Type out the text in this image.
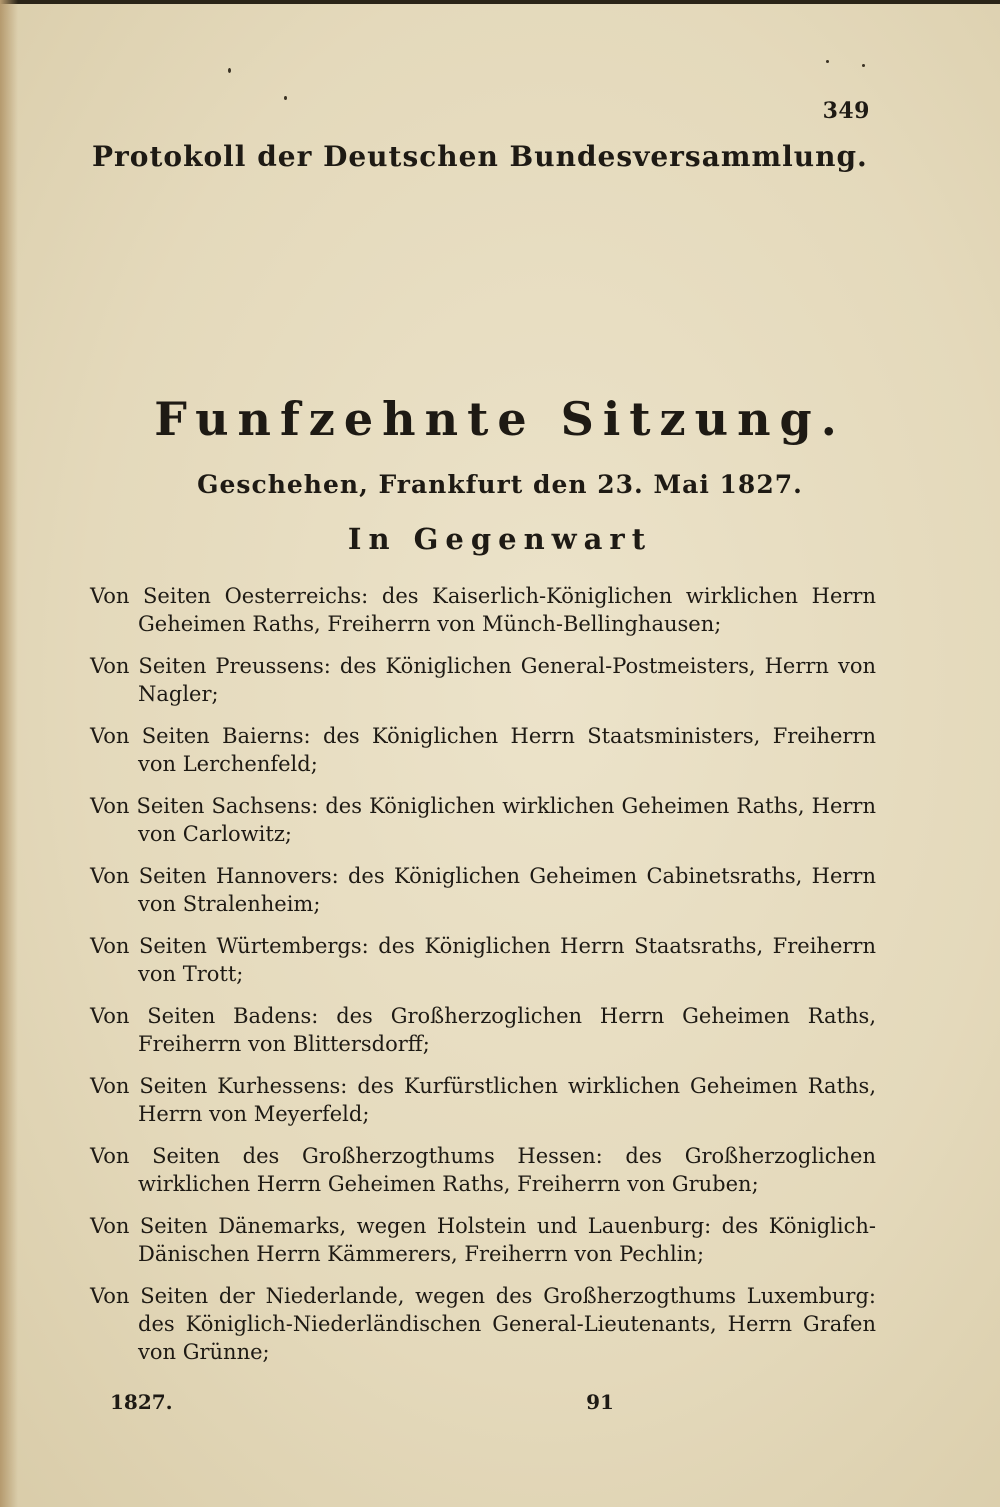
349
Protokoll der Deutschen Bundesversammlung.
Funfzehnte Sitzung.
Geschehen, Frankfurt den 23. Mai 1827.
In Gegenwart
Von Seiten Oesterreichs: des Kaiserlich-Königlichen wirklichen Herrn Geheimen Raths, Freiherrn von Münch-Bellinghausen;
Von Seiten Preussens: des Königlichen General-Postmeisters, Herrn von Nagler;
Von Seiten Baierns: des Königlichen Herrn Staatsministers, Freiherrn von Lerchenfeld;
Von Seiten Sachsens: des Königlichen wirklichen Geheimen Raths, Herrn von Carlowitz;
Von Seiten Hannovers: des Königlichen Geheimen Cabinetsraths, Herrn von Stralenheim;
Von Seiten Würtembergs: des Königlichen Herrn Staatsraths, Freiherrn von Trott;
Von Seiten Badens: des Großherzoglichen Herrn Geheimen Raths, Freiherrn von Blittersdorff;
Von Seiten Kurhessens: des Kurfürstlichen wirklichen Geheimen Raths, Herrn von Meyerfeld;
Von Seiten des Großherzogthums Hessen: des Großherzoglichen wirklichen Herrn Geheimen Raths, Freiherrn von Gruben;
Von Seiten Dänemarks, wegen Holstein und Lauenburg: des Königlich-Dänischen Herrn Kämmerers, Freiherrn von Pechlin;
Von Seiten der Niederlande, wegen des Großherzogthums Luxemburg: des Königlich-Niederländischen General-Lieutenants, Herrn Grafen von Grünne;
1827.	91
